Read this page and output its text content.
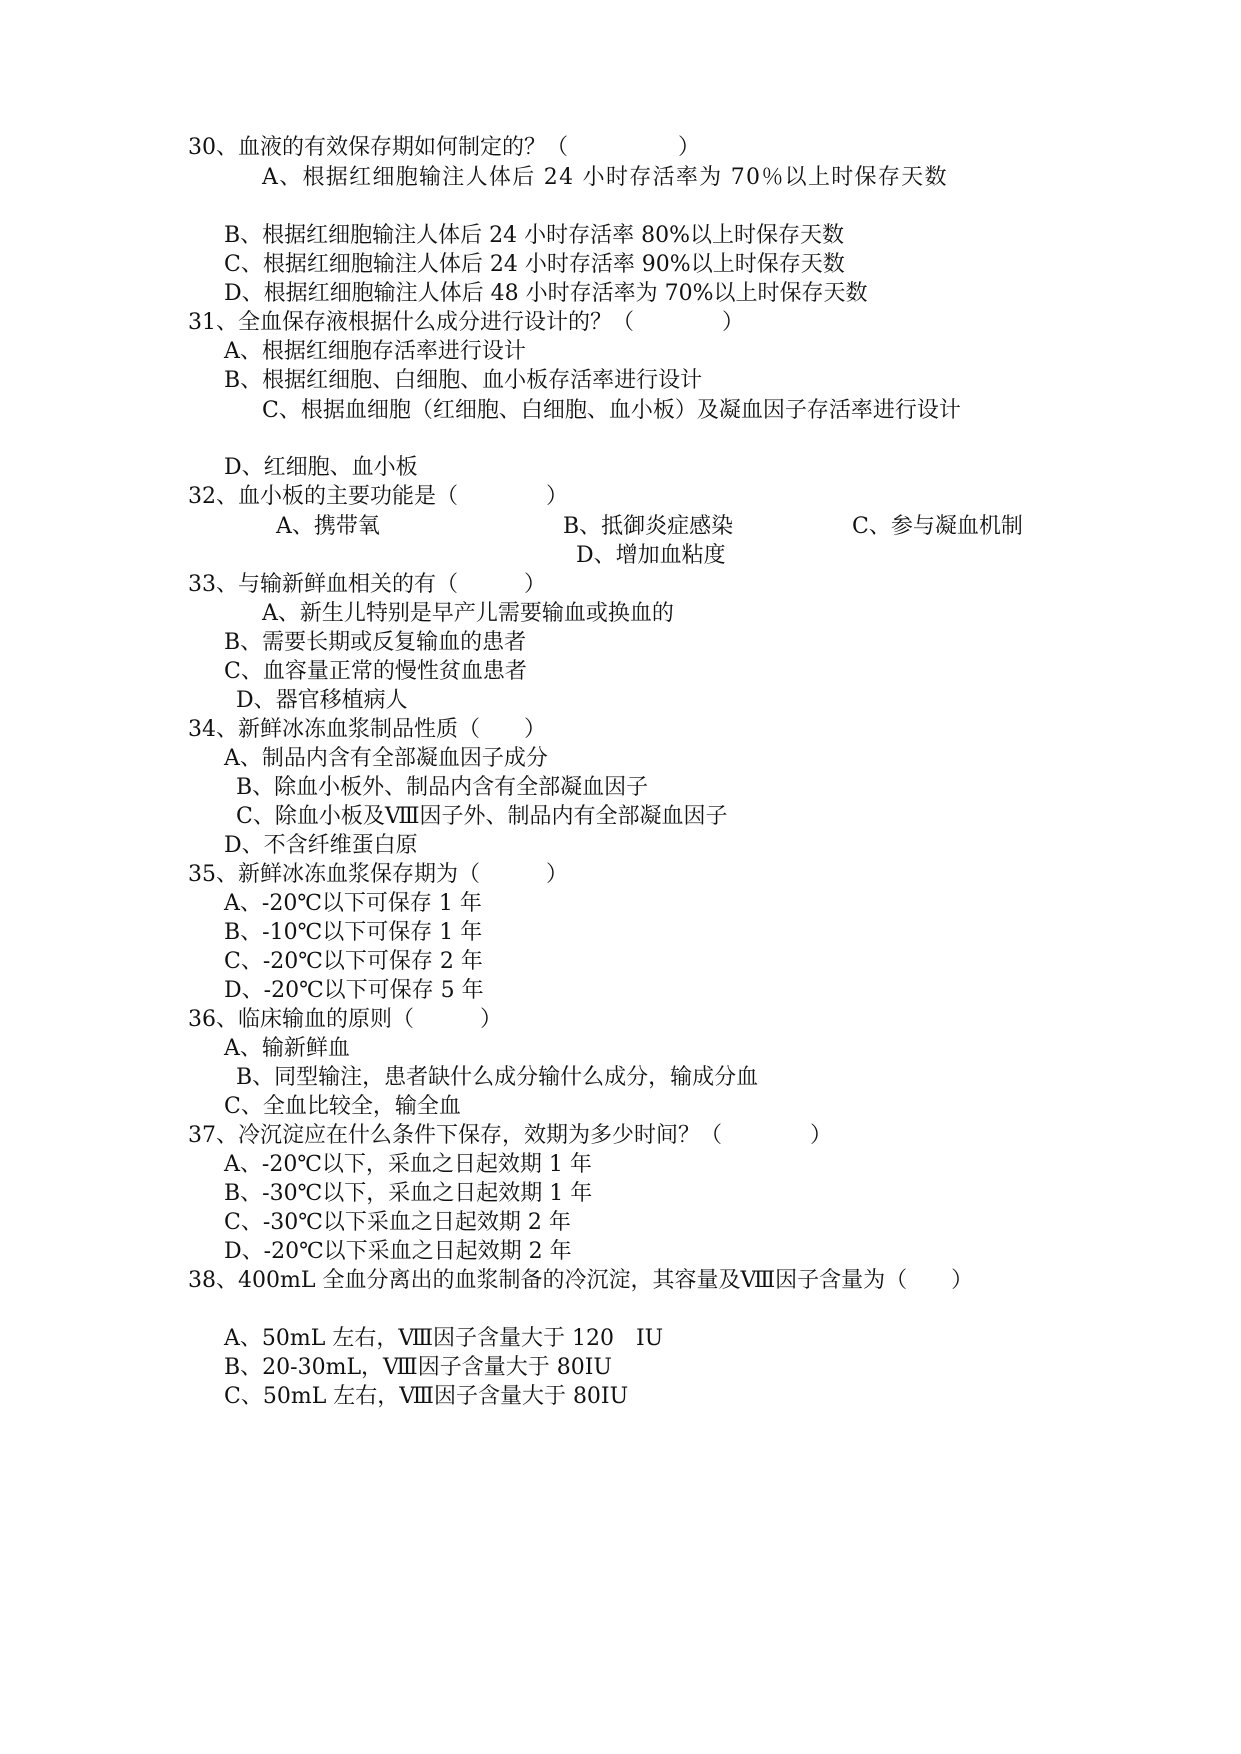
30、血液的有效保存期如何制定的？（　　　　　）

A、根据红细胞输注人体后 24 小时存活率为 70％以上时保存天数

B、根据红细胞输注人体后 24 小时存活率 80%以上时保存天数

C、根据红细胞输注人体后 24 小时存活率 90%以上时保存天数

D、根据红细胞输注人体后 48 小时存活率为 70%以上时保存天数

31、全血保存液根据什么成分进行设计的？（　　　　）

A、根据红细胞存活率进行设计

B、根据红细胞、白细胞、血小板存活率进行设计

C、根据血细胞（红细胞、白细胞、血小板）及凝血因子存活率进行设计

D、红细胞、血小板

32、血小板的主要功能是（　　　　）

A、携带氧	B、抵御炎症感染	C、参与凝血机制

D、增加血粘度

33、与输新鲜血相关的有（　　　）

A、新生儿特别是早产儿需要输血或换血的

B、需要长期或反复输血的患者

C、血容量正常的慢性贫血患者

D、器官移植病人

34、新鲜冰冻血浆制品性质（　　）

A、制品内含有全部凝血因子成分

B、除血小板外、制品内含有全部凝血因子

C、除血小板及Ⅷ因子外、制品内有全部凝血因子

D、不含纤维蛋白原

35、新鲜冰冻血浆保存期为（　　　）

A、-20℃以下可保存 1 年

B、-10℃以下可保存 1 年

C、-20℃以下可保存 2 年

D、-20℃以下可保存 5 年

36、临床输血的原则（　　　）

A、输新鲜血

B、同型输注，患者缺什么成分输什么成分，输成分血

C、全血比较全，输全血

37、冷沉淀应在什么条件下保存，效期为多少时间？（　　　　）

A、-20℃以下，采血之日起效期 1 年

B、-30℃以下，采血之日起效期 1 年

C、-30℃以下采血之日起效期 2 年

D、-20℃以下采血之日起效期 2 年

38、400mL 全血分离出的血浆制备的冷沉淀，其容量及Ⅷ因子含量为（　　）

A、50mL 左右，Ⅷ因子含量大于 120　IU

B、20-30mL，Ⅷ因子含量大于 80IU

C、50mL 左右，Ⅷ因子含量大于 80IU
